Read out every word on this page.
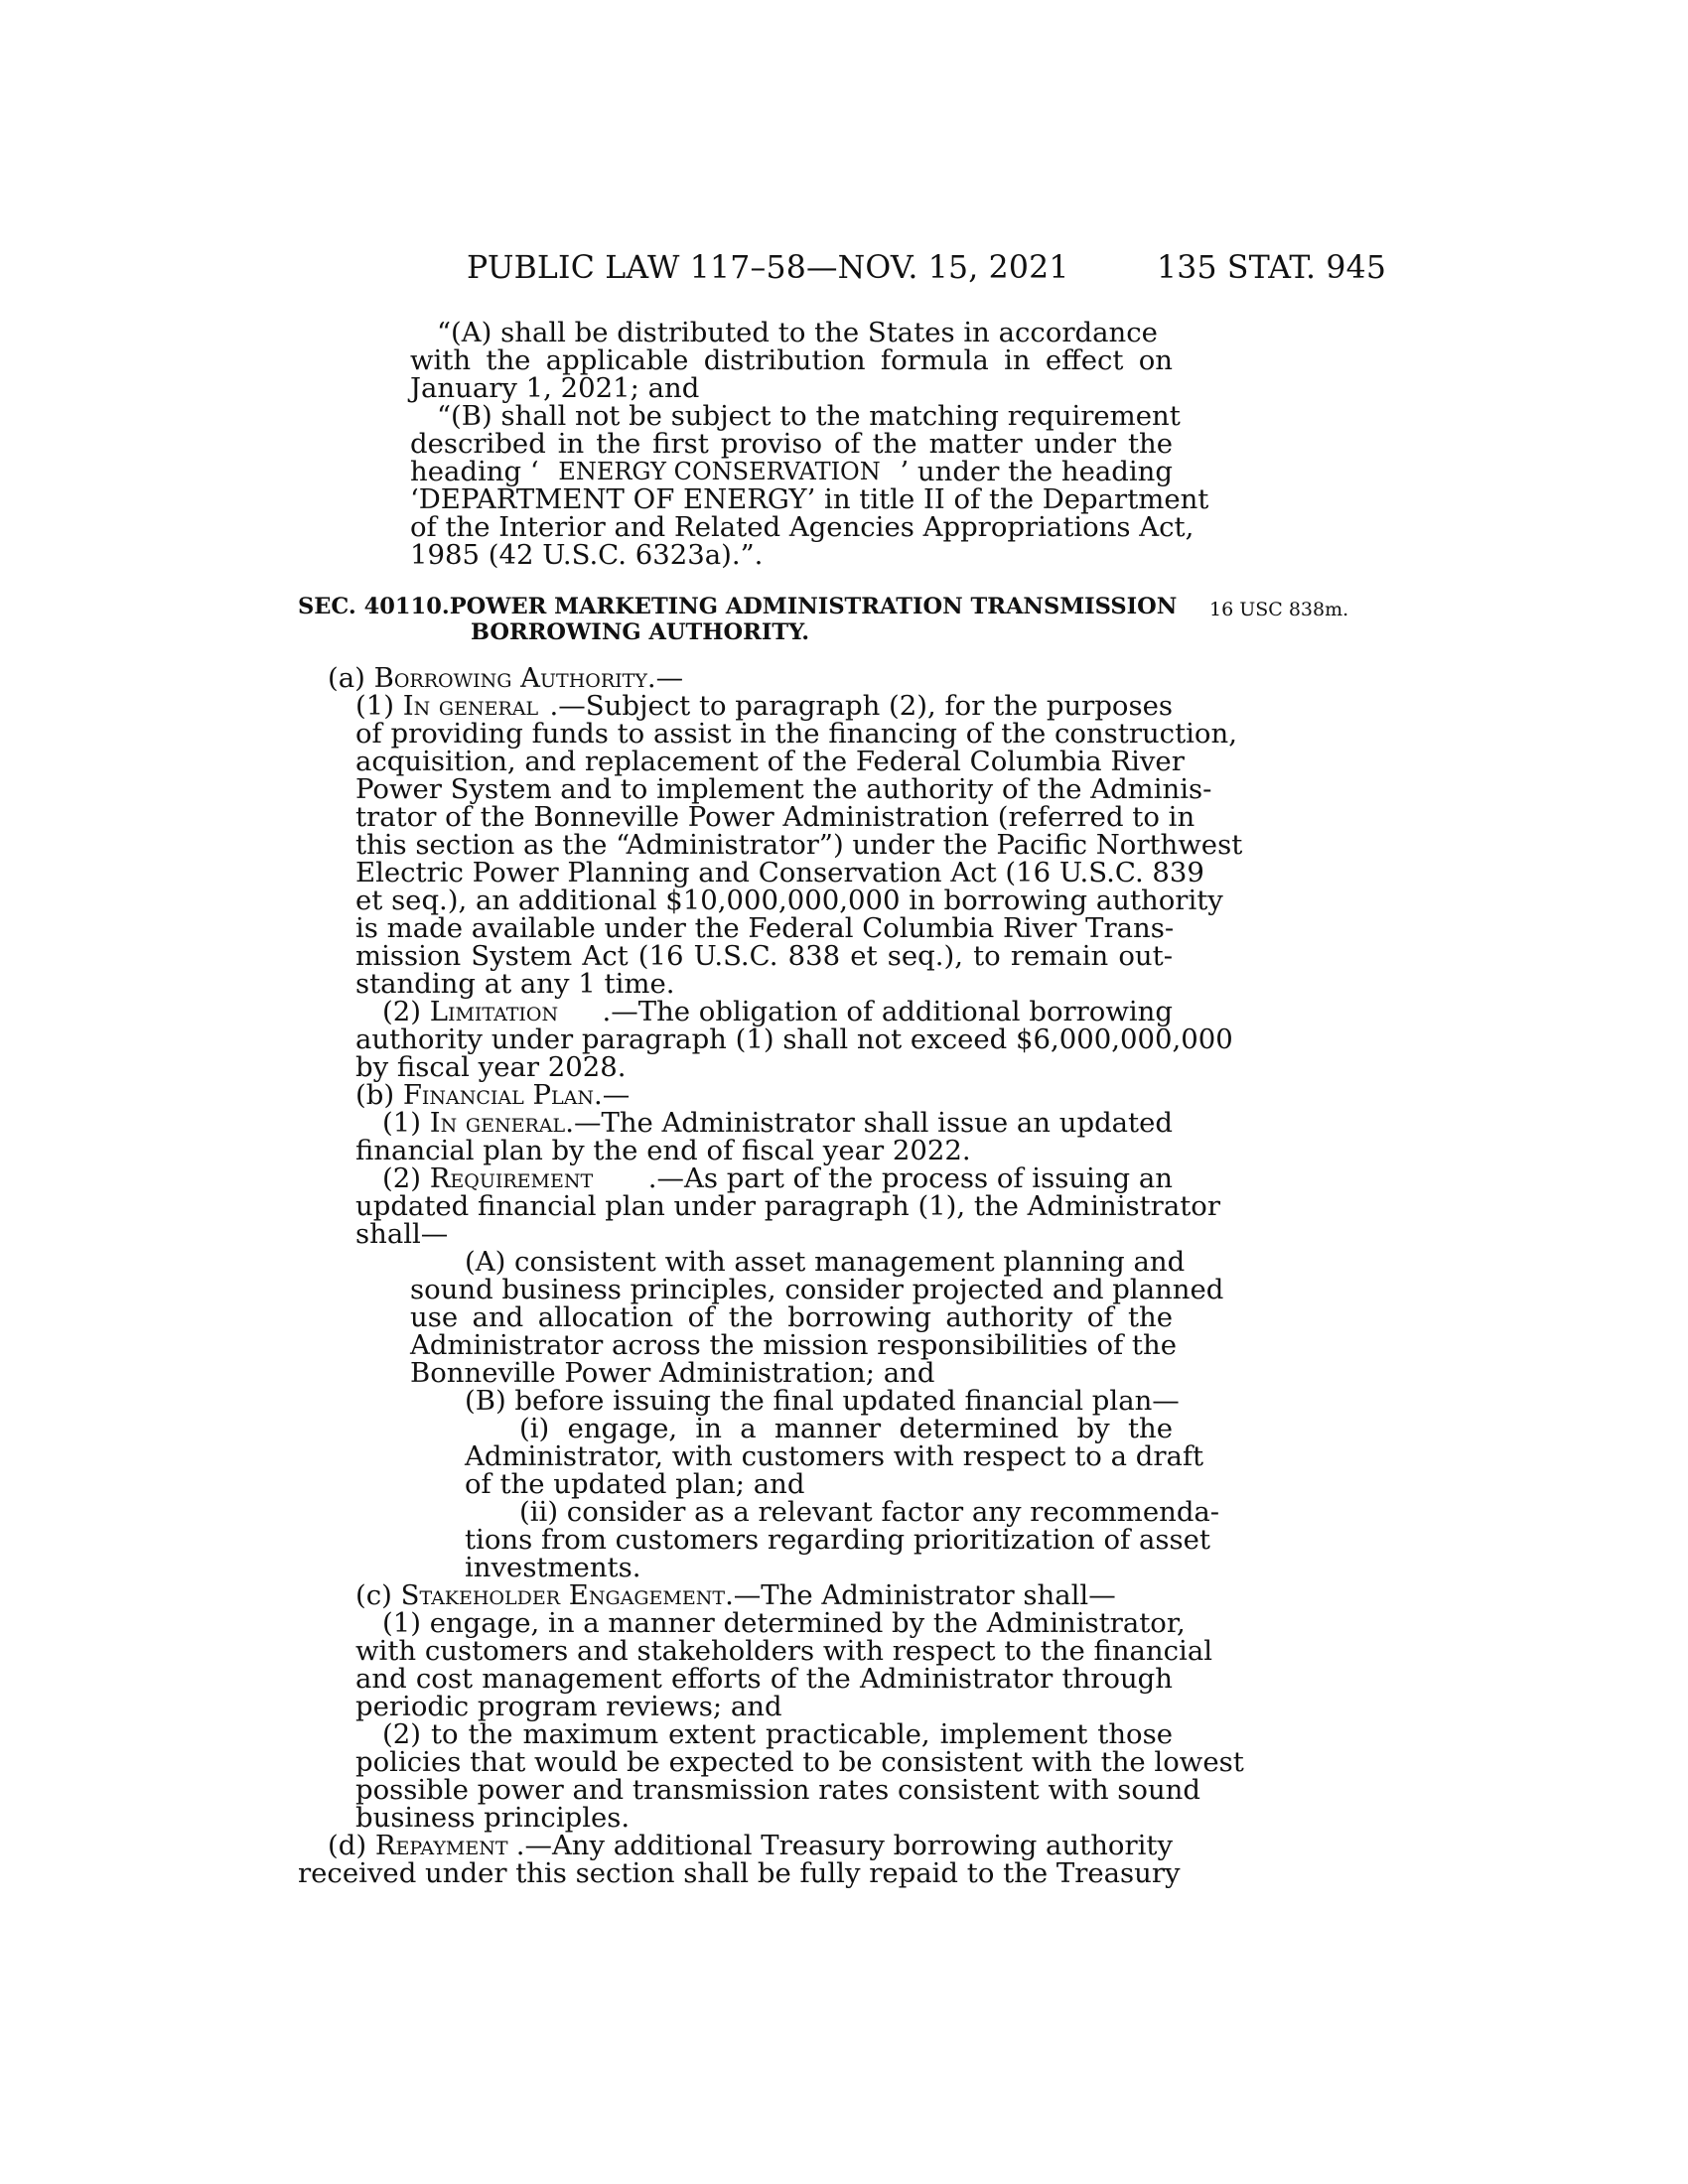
PUBLIC LAW 117–58—NOV. 15, 2021	135 STAT. 945
“(A) shall be distributed to the States in accordance
with the applicable distribution formula in effect on
January 1, 2021; and
“(B) shall not be subject to the matching requirement
described in the first proviso of the matter under the
heading ‘ ENERGY CONSERVATION ’ under the heading
‘DEPARTMENT OF ENERGY’ in title II of the Department
of the Interior and Related Agencies Appropriations Act,
1985 (42 U.S.C. 6323a).”.
SEC. 40110. POWER MARKETING ADMINISTRATION TRANSMISSION
BORROWING AUTHORITY.
16 USC 838m.
(a) Borrowing Authority.—
(1) In general .—Subject to paragraph (2), for the purposes
of providing funds to assist in the financing of the construction,
acquisition, and replacement of the Federal Columbia River
Power System and to implement the authority of the Adminis-
trator of the Bonneville Power Administration (referred to in
this section as the “Administrator”) under the Pacific Northwest
Electric Power Planning and Conservation Act (16 U.S.C. 839
et seq.), an additional $10,000,000,000 in borrowing authority
is made available under the Federal Columbia River Trans-
mission System Act (16 U.S.C. 838 et seq.), to remain out-
standing at any 1 time.
(2) Limitation .—The obligation of additional borrowing
authority under paragraph (1) shall not exceed $6,000,000,000
by fiscal year 2028.
(b) Financial Plan.—
(1) In general .—The Administrator shall issue an updated
financial plan by the end of fiscal year 2022.
(2) Requirement .—As part of the process of issuing an
updated financial plan under paragraph (1), the Administrator
shall—
(A) consistent with asset management planning and
sound business principles, consider projected and planned
use and allocation of the borrowing authority of the
Administrator across the mission responsibilities of the
Bonneville Power Administration; and
(B) before issuing the final updated financial plan—
(i) engage, in a manner determined by the
Administrator, with customers with respect to a draft
of the updated plan; and
(ii) consider as a relevant factor any recommenda-
tions from customers regarding prioritization of asset
investments.
(c) Stakeholder Engagement.—The Administrator shall—
(1) engage, in a manner determined by the Administrator,
with customers and stakeholders with respect to the financial
and cost management efforts of the Administrator through
periodic program reviews; and
(2) to the maximum extent practicable, implement those
policies that would be expected to be consistent with the lowest
possible power and transmission rates consistent with sound
business principles.
(d) Repayment .—Any additional Treasury borrowing authority
received under this section shall be fully repaid to the Treasury
